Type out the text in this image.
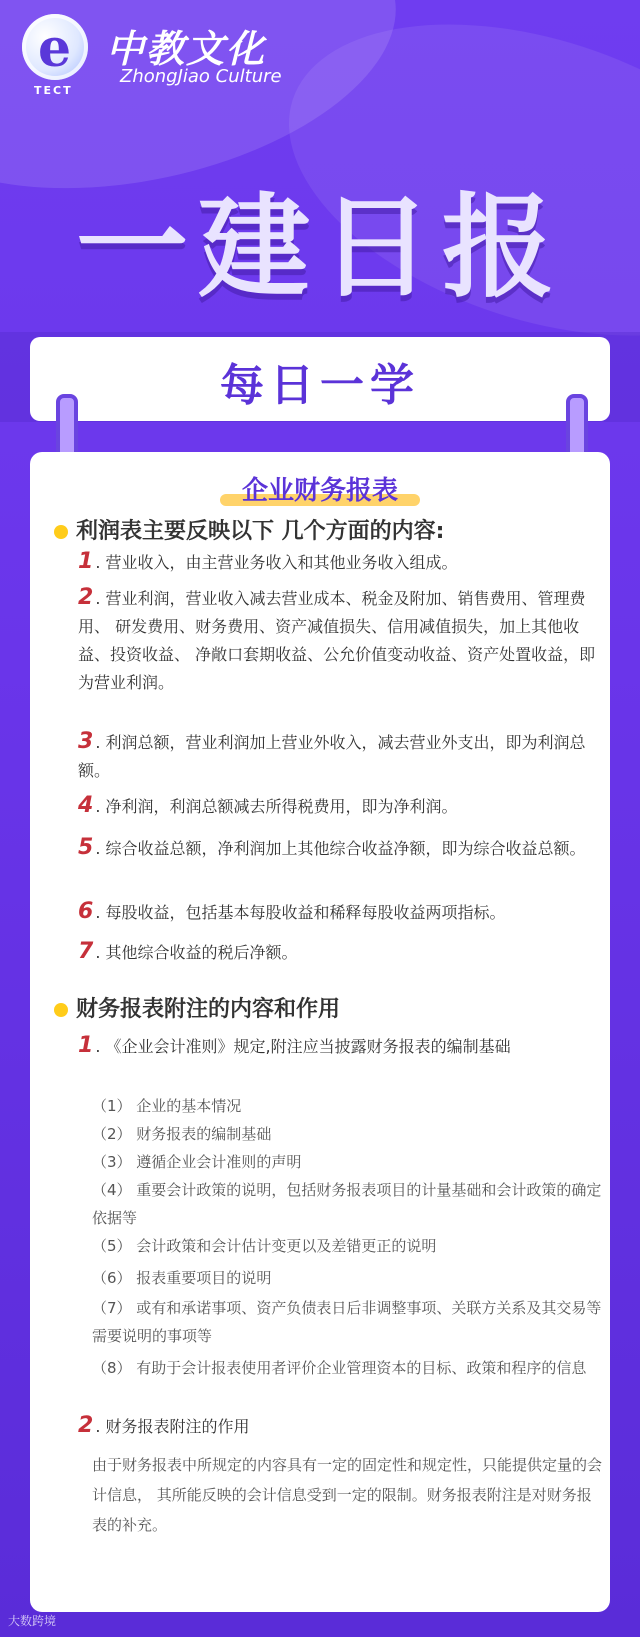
e
TECT
中教文化
ZhongJiao Culture
一建日报
每日一学
企业财务报表
利润表主要反映以下 几个方面的内容:
1 . 营业收入，由主营业务收入和其他业务收入组成。
2 . 营业利润，营业收入减去营业成本、税金及附加、销售费用、管理费用、 研发费用、财务费用、资产减值损失、信用减值损失，加上其他收益、投资收益、 净敞口套期收益、公允价值变动收益、资产处置收益，即为营业利润。
3 . 利润总额，营业利润加上营业外收入，减去营业外支出，即为利润总额。
4 . 净利润，利润总额减去所得税费用，即为净利润。
5 . 综合收益总额，净利润加上其他综合收益净额，即为综合收益总额。
6 . 每股收益，包括基本每股收益和稀释每股收益两项指标。
7 . 其他综合收益的税后净额。
财务报表附注的内容和作用
1 . 《企业会计准则》规定,附注应当披露财务报表的编制基础
（1） 企业的基本情况
（2） 财务报表的编制基础
（3） 遵循企业会计准则的声明
（4） 重要会计政策的说明，包括财务报表项目的计量基础和会计政策的确定依据等
（5） 会计政策和会计估计变更以及差错更正的说明
（6） 报表重要项目的说明
（7） 或有和承诺事项、资产负债表日后非调整事项、关联方关系及其交易等需要说明的事项等
（8） 有助于会计报表使用者评价企业管理资本的目标、政策和程序的信息
2 . 财务报表附注的作用
由于财务报表中所规定的内容具有一定的固定性和规定性，只能提供定量的会计信息， 其所能反映的会计信息受到一定的限制。财务报表附注是对财务报表的补充。
大数跨境
